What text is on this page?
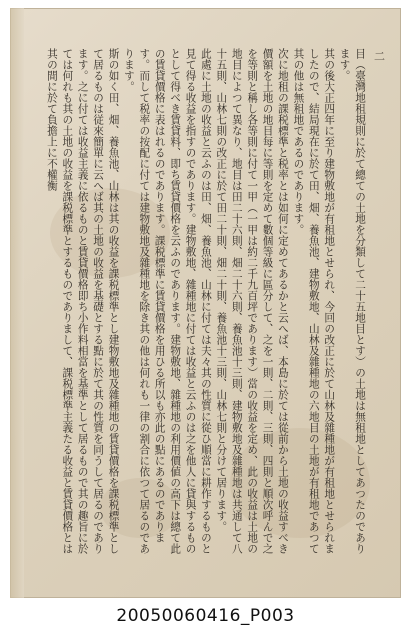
二

目（臺灣地租規則に於て總ての土地を分類して二十五地目とす）の土地は無租地としてあつたのであります。

其の後大正四年に至り建物敷地が有租地とせられ、今回の改正に於て山林及雜種地が有租地とせられましたので、結局現在に於て田、畑、養魚池、建物敷地、山林及雜種地の六地目の土地が有租地であつて其の他は無租地であるのであります。

次に地租の課税標準と税率とは如何に定めてあるかと云へば、本島に於ては從前から土地の收益すべき價額を土地の地目每に等則を定めて數個等級に區分して、之を一則、二則、三則、四則と順次呼んで之を等則と稱し各等則に付て一甲（一甲は約二千九百坪であります）當の收益を定め、此の收益は土地の地目によつて異なり、地目は田二十六則、畑二十六則、養魚池十三則、建物敷地及雜種地は共通して八十五則、山林七則の改正に於て田二十則、畑二十則、養魚池十三則、山林七則と分けて居ります。

此處に土地の收益と云ふのは田、畑、養魚池、山林に付ては夫々其の性質に從ひ順當に耕作するものと見て得る收益を指すのであります。建物敷地、雜種地に付ては收益と云ふのは之を他人に貸與するものとして得べき賃貸料、即ち賃貸價格を云ふのであります。建物敷地、雜種地の利用價値の高下は總て此の賃貸價格に表はれるのであります。課税標準に賃貸價格を用ひる所以も亦此の點にあるのであります。而して税率の按配に付ては建物敷地及雜種地を除き其の他は何れも一律の割合に依つて居るのであります。

斯の如く田、畑、養魚池、山林は其の收益を課税標準とし建物敷地及雜種地の賃貸價格を課税標準として居るものは従來簡單に云へば其の土地の收益を基礎とする點に於て其の性質を同うして居るのであります。之に付ては收益主義に依るものと賃貸價格即ち小作料相當を基準として居るもので其の趣旨に於ては何れも其の土地の收益を課税標準とするものでありまして、課税標準主義たる收益と賃貸價格とは其の間に於て負擔上に不權衡

20050060416_P003
